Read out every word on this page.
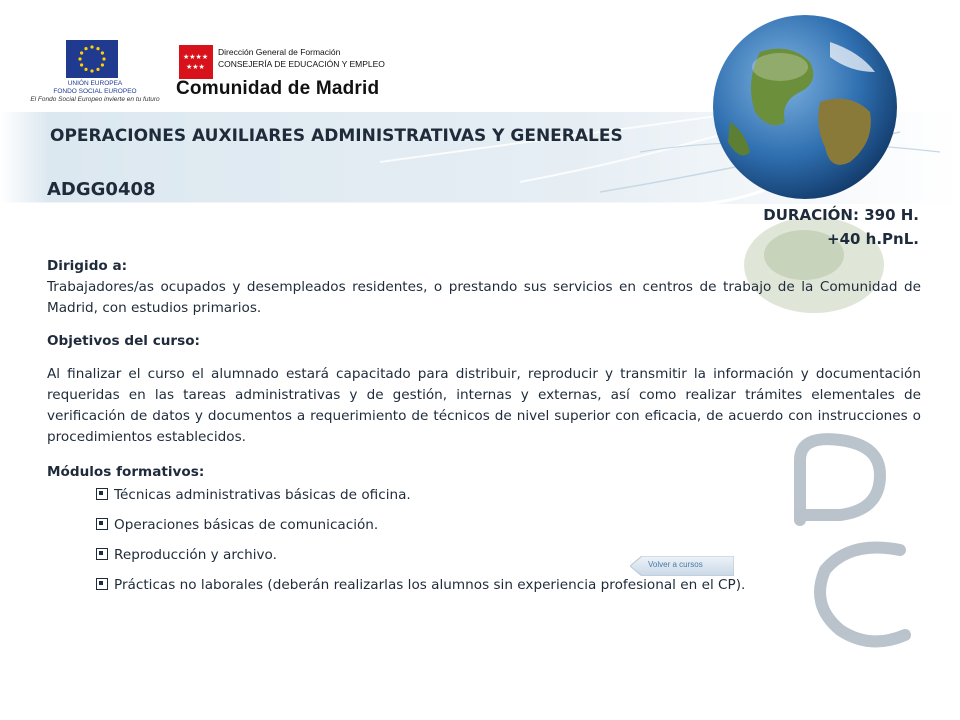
UNIÓN EUROPEA
FONDO SOCIAL EUROPEO
El Fondo Social Europeo invierte en tu futuro
★★★★
★★★
Dirección General de Formación
CONSEJERÍA DE EDUCACIÓN Y EMPLEO
Comunidad de Madrid
OPERACIONES AUXILIARES ADMINISTRATIVAS Y GENERALES
ADGG0408
DURACIÓN: 390 H.
+40 h.PnL.
Dirigido a:

Trabajadores/as ocupados y desempleados residentes, o prestando sus servicios en centros de trabajo de la Comunidad de Madrid, con estudios primarios.

Objetivos del curso:

Al finalizar el curso el alumnado estará capacitado para distribuir, reproducir y transmitir la información y documentación requeridas en las tareas administrativas y de gestión, internas y externas, así como realizar trámites elementales de verificación de datos y documentos a requerimiento de técnicos de nivel superior con eficacia, de acuerdo con instrucciones o procedimientos establecidos.

Módulos formativos:
Técnicas administrativas básicas de oficina.
Operaciones básicas de comunicación.
Reproducción y archivo.
Prácticas no laborales (deberán realizarlas los alumnos sin experiencia profesional en el CP).
Volver a cursos
